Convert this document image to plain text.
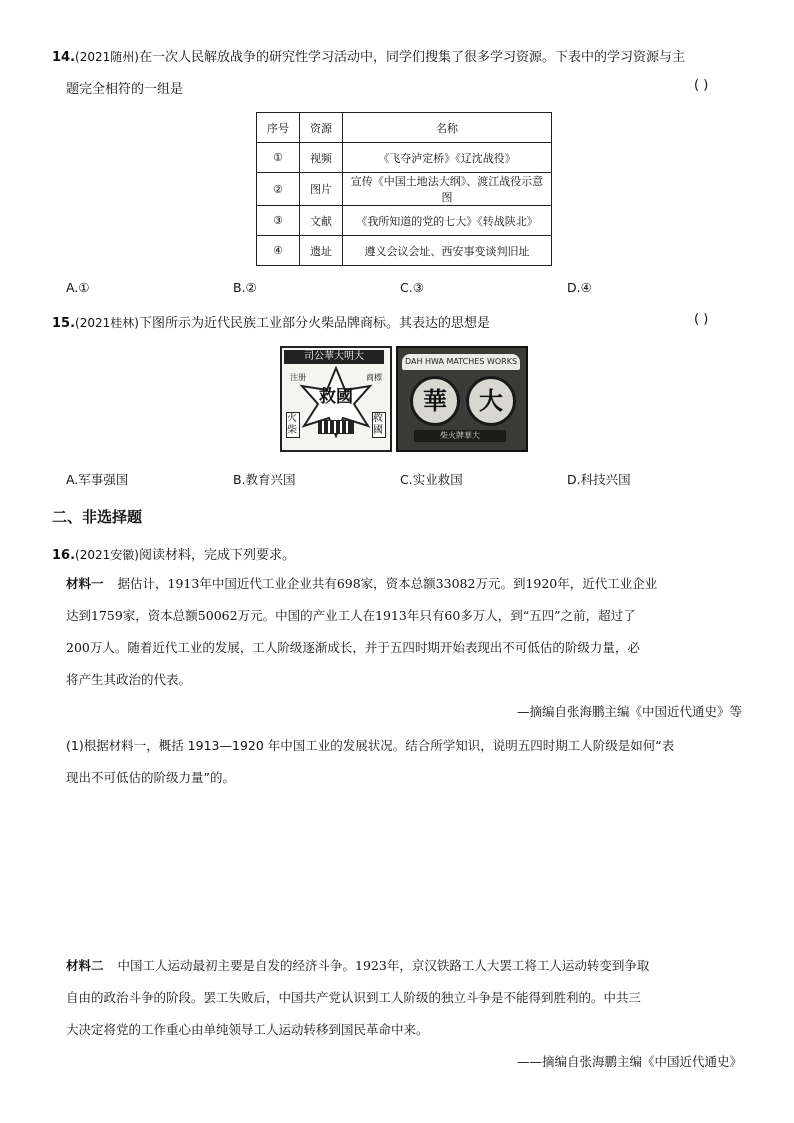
14.(2021随州)在一次人民解放战争的研究性学习活动中，同学们搜集了很多学习资源。下表中的学习资源与主
题完全相符的一组是	( )
序号	资源	名称
①	视频	《飞夺泸定桥》《辽沈战役》
②	图片	宣传《中国土地法大纲》、渡江战役示意图
③	文献	《我所知道的党的七大》《转战陕北》
④	遗址	遵义会议会址、西安事变谈判旧址
A.①	B.②	C.③	D.④
15.(2021桂林)下图所示为近代民族工业部分火柴品牌商标。其表达的思想是	( )
司公華大明大
注册	商標
救國
火柴
救國
DAH HWA MATCHES WORKS
華	大
柴火牌華大
A.军事强国	B.教育兴国	C.实业救国	D.科技兴国
二、非选择题
16.(2021安徽)阅读材料，完成下列要求。
材料一 据估计，1913年中国近代工业企业共有698家，资本总额33082万元。到1920年，近代工业企业
达到1759家，资本总额50062万元。中国的产业工人在1913年只有60多万人，到“五四”之前，超过了
200万人。随着近代工业的发展，工人阶级逐渐成长，并于五四时期开始表现出不可低估的阶级力量，必
将产生其政治的代表。
—摘编自张海鹏主编《中国近代通史》等
(1)根据材料一，概括 1913—1920 年中国工业的发展状况。结合所学知识，说明五四时期工人阶级是如何“表
现出不可低估的阶级力量”的。
材料二 中国工人运动最初主要是自发的经济斗争。1923年，京汉铁路工人大罢工将工人运动转变到争取
自由的政治斗争的阶段。罢工失败后，中国共产党认识到工人阶级的独立斗争是不能得到胜利的。中共三
大决定将党的工作重心由单纯领导工人运动转移到国民革命中来。
——摘编自张海鹏主编《中国近代通史》
